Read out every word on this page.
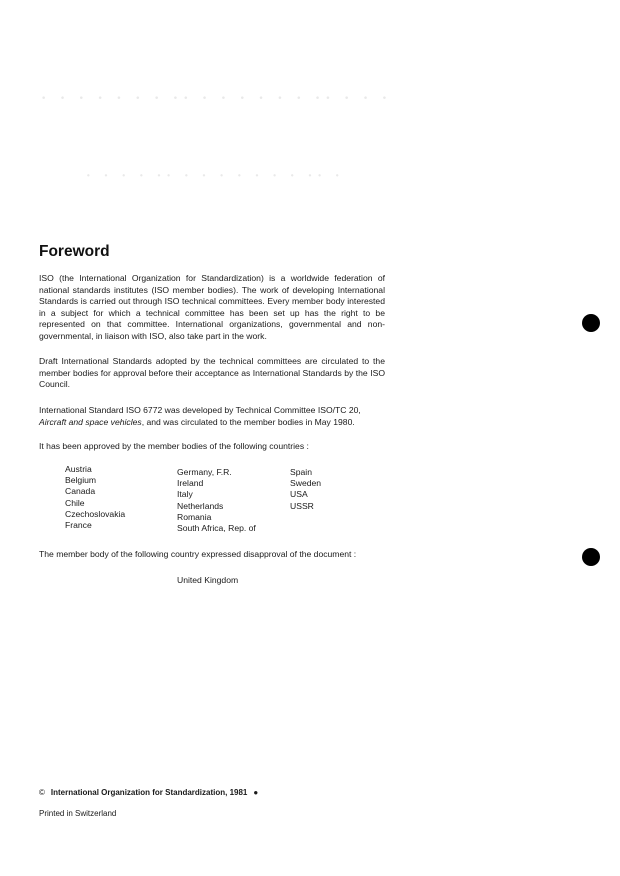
· · · · · · · ·· · · · · · · ·· · · ·
· · · · ·· · · · · · · · ·· ·
Foreword

ISO (the International Organization for Standardization) is a worldwide federation of national standards institutes (ISO member bodies). The work of developing International Standards is carried out through ISO technical committees. Every member body interested in a subject for which a technical committee has been set up has the right to be represented on that committee. International organizations, governmental and non-governmental, in liaison with ISO, also take part in the work.

Draft International Standards adopted by the technical committees are circulated to the member bodies for approval before their acceptance as International Standards by the ISO Council.

International Standard ISO 6772 was developed by Technical Committee ISO/TC 20,
Aircraft and space vehicles, and was circulated to the member bodies in May 1980.

It has been approved by the member bodies of the following countries :

Austria
Belgium
Canada
Chile
Czechoslovakia
France
Germany, F.R.
Ireland
Italy
Netherlands
Romania
South Africa, Rep. of
Spain
Sweden
USA
USSR

The member body of the following country expressed disapproval of the document :

United Kingdom

© International Organization for Standardization, 1981 ●

Printed in Switzerland
